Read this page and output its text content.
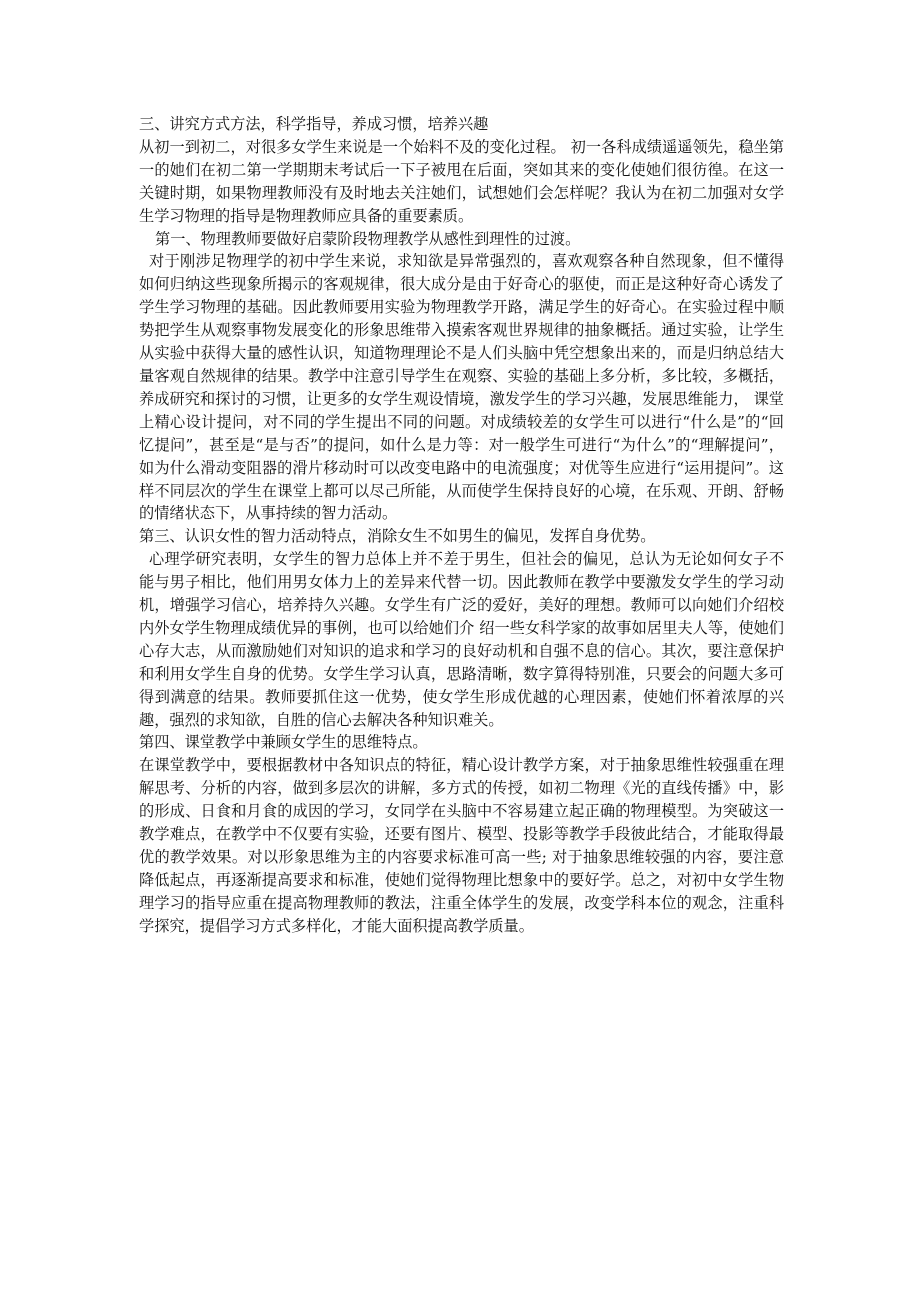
三、讲究方式方法，科学指导，养成习惯，培养兴趣

从初一到初二，对很多女学生来说是一个始料不及的变化过程。 初一各科成绩遥遥领先，稳坐第一的她们在初二第一学期期末考试后一下子被甩在后面，突如其来的变化使她们很彷徨。在这一关键时期，如果物理教师没有及时地去关注她们，试想她们会怎样呢？我认为在初二加强对女学生学习物理的指导是物理教师应具备的重要素质。

第一、物理教师要做好启蒙阶段物理教学从感性到理性的过渡。

对于刚涉足物理学的初中学生来说，求知欲是异常强烈的，喜欢观察各种自然现象，但不懂得如何归纳这些现象所揭示的客观规律，很大成分是由于好奇心的驱使，而正是这种好奇心诱发了学生学习物理的基础。因此教师要用实验为物理教学开路，满足学生的好奇心。在实验过程中顺势把学生从观察事物发展变化的形象思维带入摸索客观世界规律的抽象概括。通过实验，让学生从实验中获得大量的感性认识，知道物理理论不是人们头脑中凭空想象出来的，而是归纳总结大量客观自然规律的结果。教学中注意引导学生在观察、实验的基础上多分析，多比较，多概括，养成研究和探讨的习惯，让更多的女学生观设情境，激发学生的学习兴趣，发展思维能力， 课堂上精心设计提问，对不同的学生提出不同的问题。对成绩较差的女学生可以进行“什么是”的“回忆提问”，甚至是“是与否”的提问，如什么是力等：对一般学生可进行“为什么”的“理解提问”，如为什么滑动变阻器的滑片移动时可以改变电路中的电流强度；对优等生应进行“运用提问”。这样不同层次的学生在课堂上都可以尽己所能，从而使学生保持良好的心境，在乐观、开朗、舒畅的情绪状态下，从事持续的智力活动。

第三、认识女性的智力活动特点，消除女生不如男生的偏见，发挥自身优势。

心理学研究表明，女学生的智力总体上并不差于男生，但社会的偏见，总认为无论如何女子不能与男子相比，他们用男女体力上的差异来代替一切。因此教师在教学中要激发女学生的学习动机，增强学习信心，培养持久兴趣。女学生有广泛的爱好，美好的理想。教师可以向她们介绍校内外女学生物理成绩优异的事例，也可以给她们介 绍一些女科学家的故事如居里夫人等，使她们心存大志，从而激励她们对知识的追求和学习的良好动机和自强不息的信心。其次，要注意保护和利用女学生自身的优势。女学生学习认真，思路清晰，数字算得特别准，只要会的问题大多可得到满意的结果。教师要抓住这一优势，使女学生形成优越的心理因素，使她们怀着浓厚的兴趣，强烈的求知欲，自胜的信心去解决各种知识难关。

第四、课堂教学中兼顾女学生的思维特点。

在课堂教学中，要根据教材中各知识点的特征，精心设计教学方案，对于抽象思维性较强重在理解思考、分析的内容，做到多层次的讲解，多方式的传授，如初二物理《光的直线传播》中，影的形成、日食和月食的成因的学习，女同学在头脑中不容易建立起正确的物理模型。为突破这一教学难点，在教学中不仅要有实验，还要有图片、模型、投影等教学手段彼此结合，才能取得最优的教学效果。对以形象思维为主的内容要求标准可高一些; 对于抽象思维较强的内容，要注意降低起点，再逐渐提高要求和标准，使她们觉得物理比想象中的要好学。总之，对初中女学生物理学习的指导应重在提高物理教师的教法，注重全体学生的发展，改变学科本位的观念，注重科学探究，提倡学习方式多样化，才能大面积提高教学质量。
